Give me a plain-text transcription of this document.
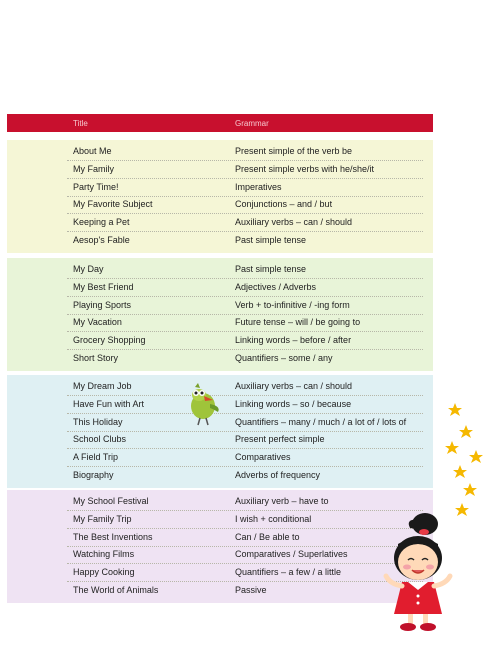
Title	Grammar
About Me	Present simple of the verb be
My Family	Present simple verbs with he/she/it
Party Time!	Imperatives
My Favorite Subject	Conjunctions – and / but
Keeping a Pet	Auxiliary verbs – can / should
Aesop's Fable	Past simple tense
My Day	Past simple tense
My Best Friend	Adjectives / Adverbs
Playing Sports	Verb + to-infinitive / -ing form
My Vacation	Future tense – will / be going to
Grocery Shopping	Linking words – before / after
Short Story	Quantifiers – some / any
My Dream Job	Auxiliary verbs – can / should
Have Fun with Art	Linking words – so / because
This Holiday	Quantifiers – many / much / a lot of / lots of
School Clubs	Present perfect simple
A Field Trip	Comparatives
Biography	Adverbs of frequency
My School Festival	Auxiliary verb – have to
My Family Trip	I wish + conditional
The Best Inventions	Can / Be able to
Watching Films	Comparatives / Superlatives
Happy Cooking	Quantifiers – a few / a little
The World of Animals	Passive
